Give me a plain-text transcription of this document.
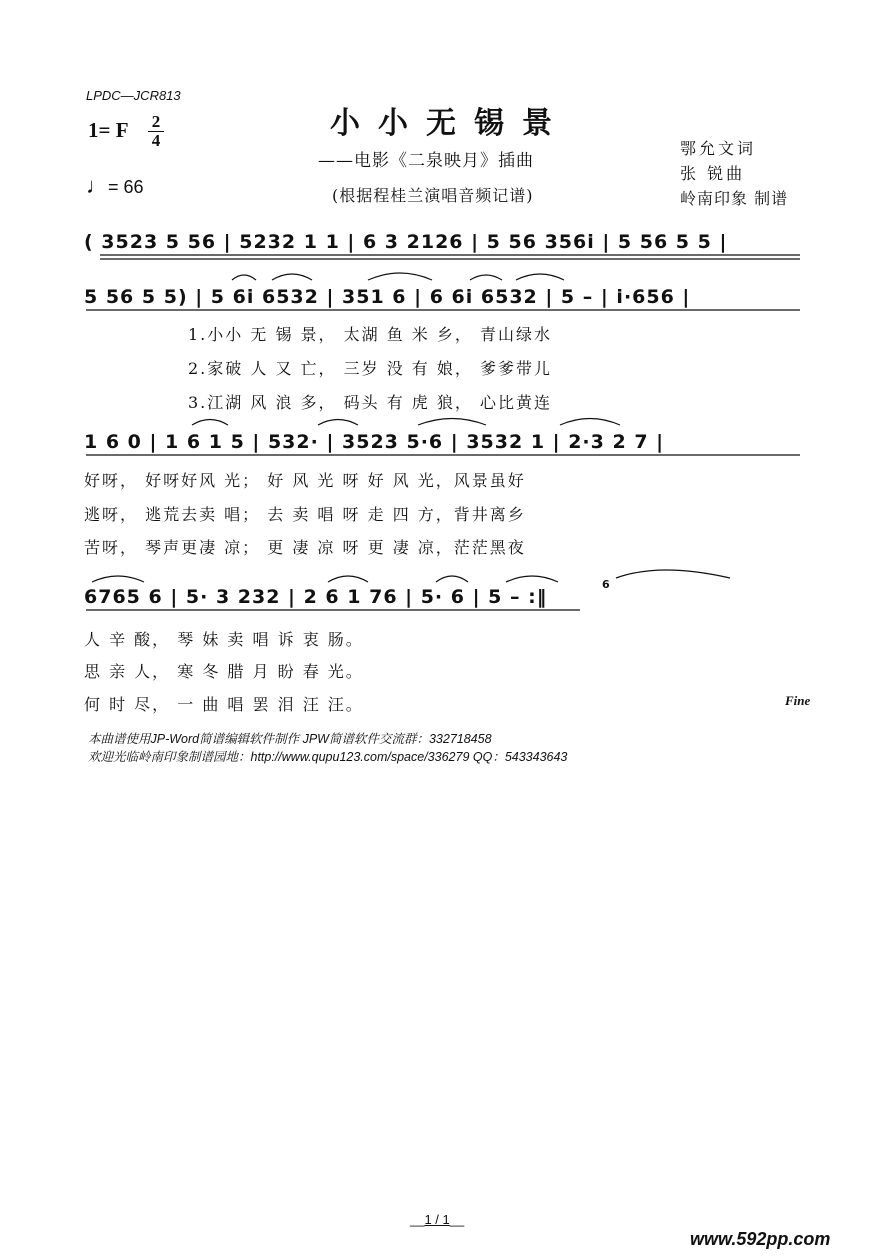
LPDC—JCR813
1= F 2
4
♩= 66
小小无锡景
——电影《二泉映月》插曲
(根据程桂兰演唱音频记谱)
鄂允文词
张 锐曲
岭南印象 制谱
( 3523 5 56 | 5232 1 1 | 6 3 2126 | 5 56 356i | 5 56 5 5 |
5 56 5 5) | 5 6i 6532 | 351 6 | 6 6i 6532 | 5 – | i·656 |
1.小小 无 锡 景， 太湖 鱼 米 乡， 青山绿水
2.家破 人 又 亡， 三岁 没 有 娘， 爹爹带儿
3.江湖 风 浪 多， 码头 有 虎 狼， 心比黄连
1 6 0 | 1 6 1 5 | 532· | 3523 5·6 | 3532 1 | 2·3 2 7 |
好呀， 好呀好风 光； 好 风 光 呀 好 风 光，风景虽好
逃呀， 逃荒去卖 唱； 去 卖 唱 呀 走 四 方，背井离乡
苦呀， 琴声更凄 凉； 更 凄 凉 呀 更 凄 凉，茫茫黑夜
6
6765 6 | 5· 3 232 | 2 6 1 76 | 5· 6 | 5 – :‖
人 辛 酸， 琴 妹 卖 唱 诉 衷 肠。
思 亲 人， 寒 冬 腊 月 盼 春 光。
何 时 尽， 一 曲 唱 罢 泪 汪 汪。	Fine
本曲谱使用JP-Word简谱编辑软件制作 JPW简谱软件交流群：332718458
欢迎光临岭南印象制谱园地：http://www.qupu123.com/space/336279 QQ：543343643
__1 / 1__
www.592pp.com
